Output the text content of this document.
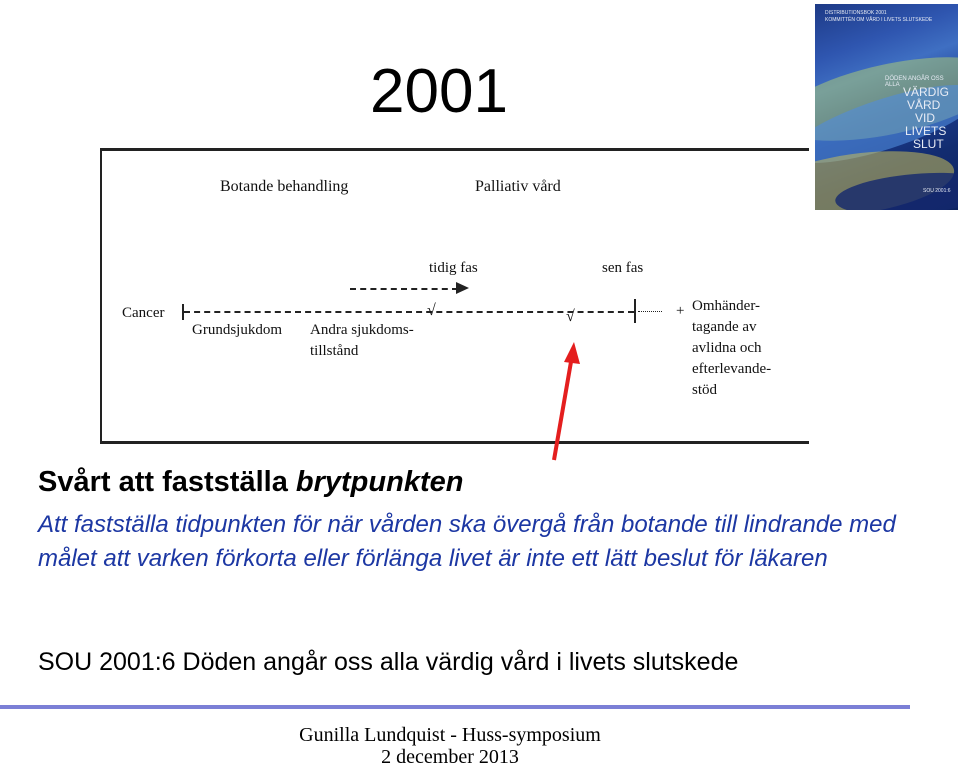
2001
DISTRIBUTIONSBOK 2001
KOMMITTÉN OM VÅRD I LIVETS SLUTSKEDE
DÖDEN ANGÅR OSS ALLA VÄRDIG
VÅRD
VID
LIVETS
SLUT
SOU 2001:6
Botande behandling	Palliativ vård
tidig fas	sen fas
Cancer	√	√	+
Grundsjukdom Andra sjukdoms-
tillstånd
Omhänder-
tagande av
avlidna och
efterlevande-
stöd
Svårt att fastställa brytpunkten
Att fastställa tidpunkten för när vården ska övergå från botande till lindrande med målet att varken förkorta eller förlänga livet är inte ett lätt beslut för läkaren
SOU 2001:6 Döden angår oss alla värdig vård i livets slutskede
Gunilla Lundquist - Huss-symposium
2 december 2013
